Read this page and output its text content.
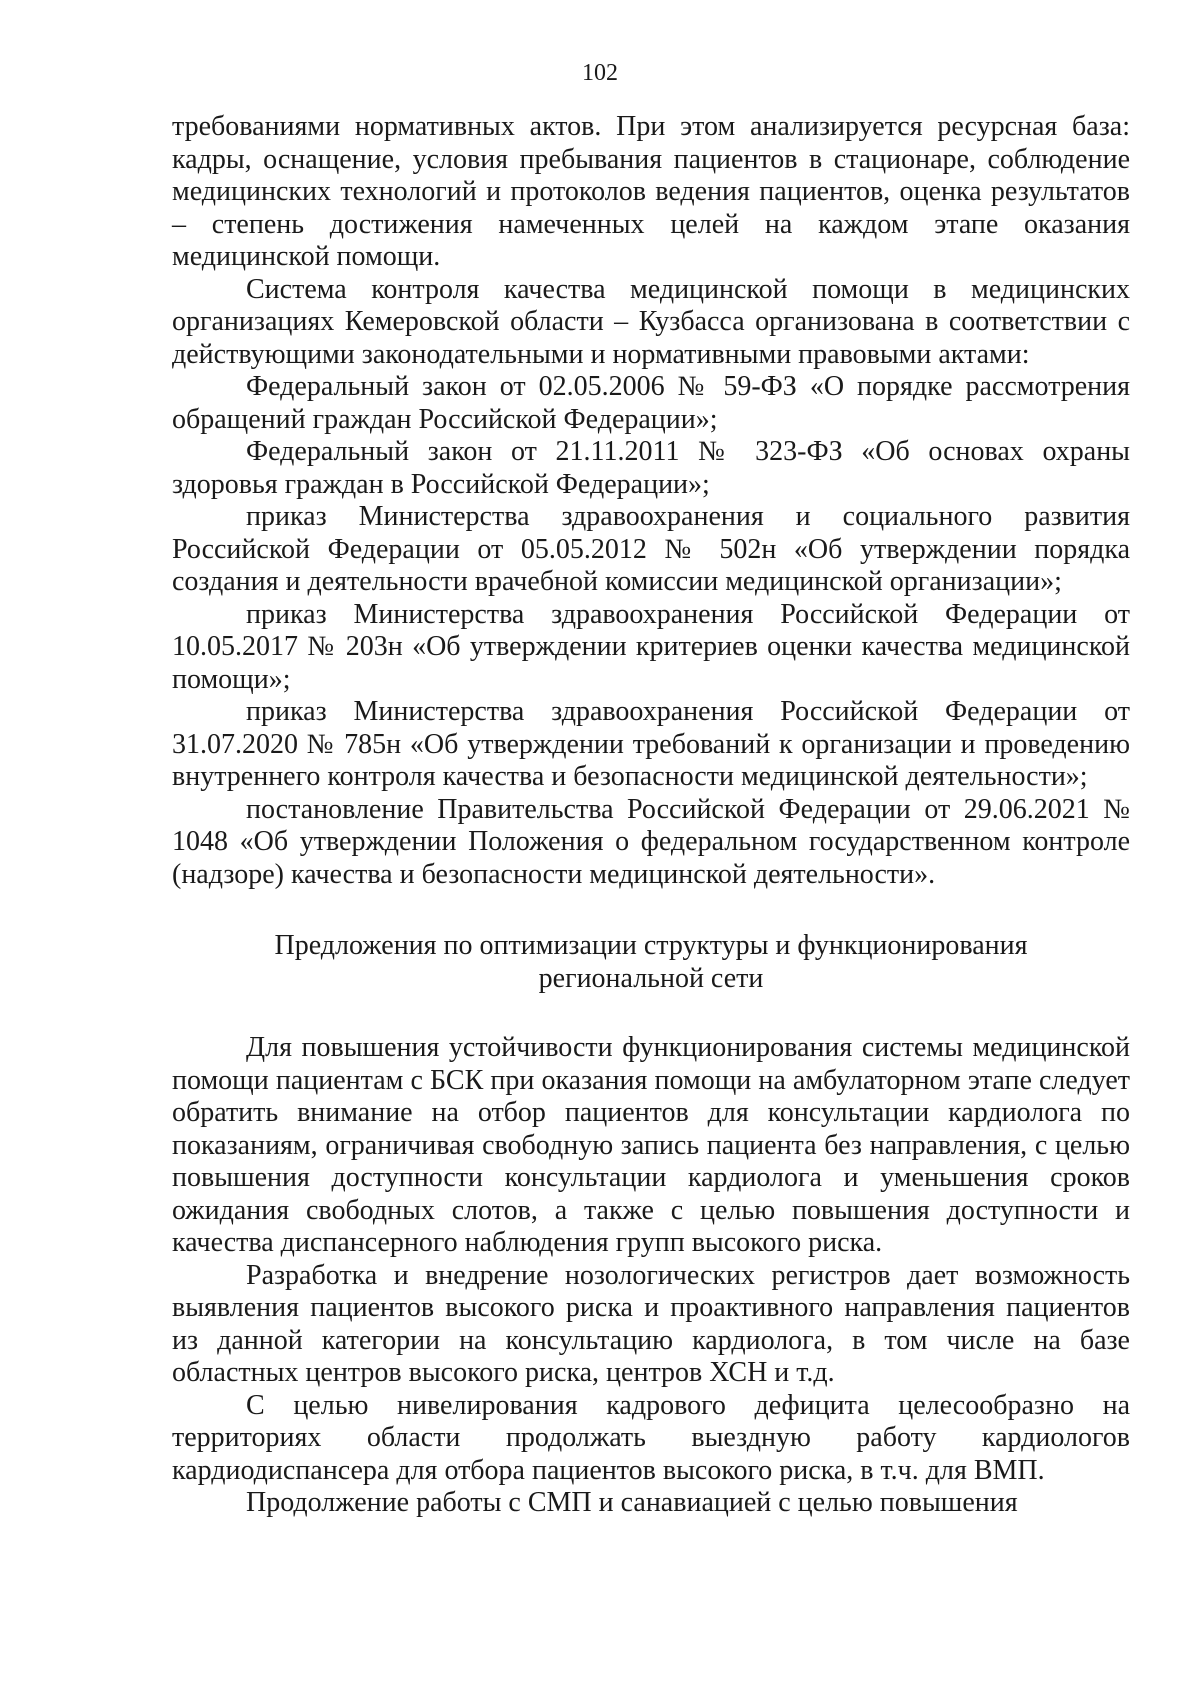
102

требованиями нормативных актов. При этом анализируется ресурсная база: кадры, оснащение, условия пребывания пациентов в стационаре, соблюдение медицинских технологий и протоколов ведения пациентов, оценка результатов – степень достижения намеченных целей на каждом этапе оказания медицинской помощи.

Система контроля качества медицинской помощи в медицинских организациях Кемеровской области – Кузбасса организована в соответствии с действующими законодательными и нормативными правовыми актами:

Федеральный закон от 02.05.2006 № 59-ФЗ «О порядке рассмотрения обращений граждан Российской Федерации»;

Федеральный закон от 21.11.2011 № 323-ФЗ «Об основах охраны здоровья граждан в Российской Федерации»;

приказ Министерства здравоохранения и социального развития Российской Федерации от 05.05.2012 № 502н «Об утверждении порядка создания и деятельности врачебной комиссии медицинской организации»;

приказ Министерства здравоохранения Российской Федерации от 10.05.2017 № 203н «Об утверждении критериев оценки качества медицинской помощи»;

приказ Министерства здравоохранения Российской Федерации от 31.07.2020 № 785н «Об утверждении требований к организации и проведению внутреннего контроля качества и безопасности медицинской деятельности»;

постановление Правительства Российской Федерации от 29.06.2021 № 1048 «Об утверждении Положения о федеральном государственном контроле (надзоре) качества и безопасности медицинской деятельности».

Предложения по оптимизации структуры и функционирования
региональной сети

Для повышения устойчивости функционирования системы медицинской помощи пациентам с БСК при оказания помощи на амбулаторном этапе следует обратить внимание на отбор пациентов для консультации кардиолога по показаниям, ограничивая свободную запись пациента без направления, с целью повышения доступности консультации кардиолога и уменьшения сроков ожидания свободных слотов, а также с целью повышения доступности и качества диспансерного наблюдения групп высокого риска.

Разработка и внедрение нозологических регистров дает возможность выявления пациентов высокого риска и проактивного направления пациентов из данной категории на консультацию кардиолога, в том числе на базе областных центров высокого риска, центров ХСН и т.д.

С целью нивелирования кадрового дефицита целесообразно на территориях области продолжать выездную работу кардиологов кардиодиспансера для отбора пациентов высокого риска, в т.ч. для ВМП.

Продолжение работы с СМП и санавиацией с целью повышения
